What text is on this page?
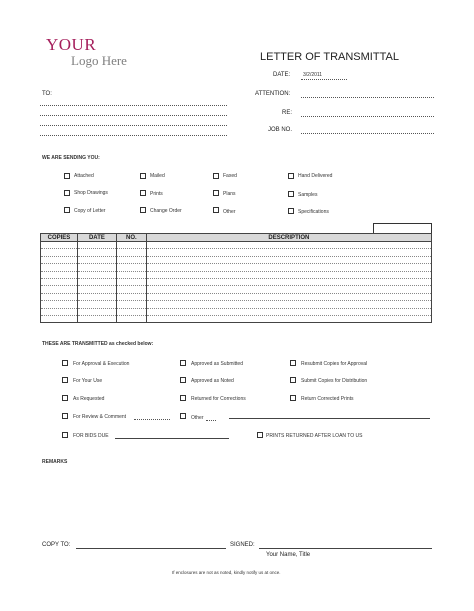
YOUR
Logo Here	LETTER OF TRANSMITTAL
DATE:	3/2/2011
TO:	ATTENTION:
RE:
JOB NO.
WE ARE SENDING YOU:
Attached	Mailed	Faxed	Hand Delivered
Shop Drawings	Prints	Plans	Samples
Copy of Letter	Change Order	Other	Specifications
COPIES	DATE	NO.	DESCRIPTION

THESE ARE TRANSMITTED as checked below:
For Approval & Execution	Approved as Submitted	Resubmit Copies for Approval
For Your Use	Approved as Noted	Submit Copies for Distribution
As Requested	Returned for Corrections	Return Corrected Prints
For Review & Comment	Other
FOR BIDS DUE	PRINTS RETURNED AFTER LOAN TO US
REMARKS
COPY TO:	SIGNED:
Your Name, Title
If enclosures are not as noted, kindly notify us at once.
